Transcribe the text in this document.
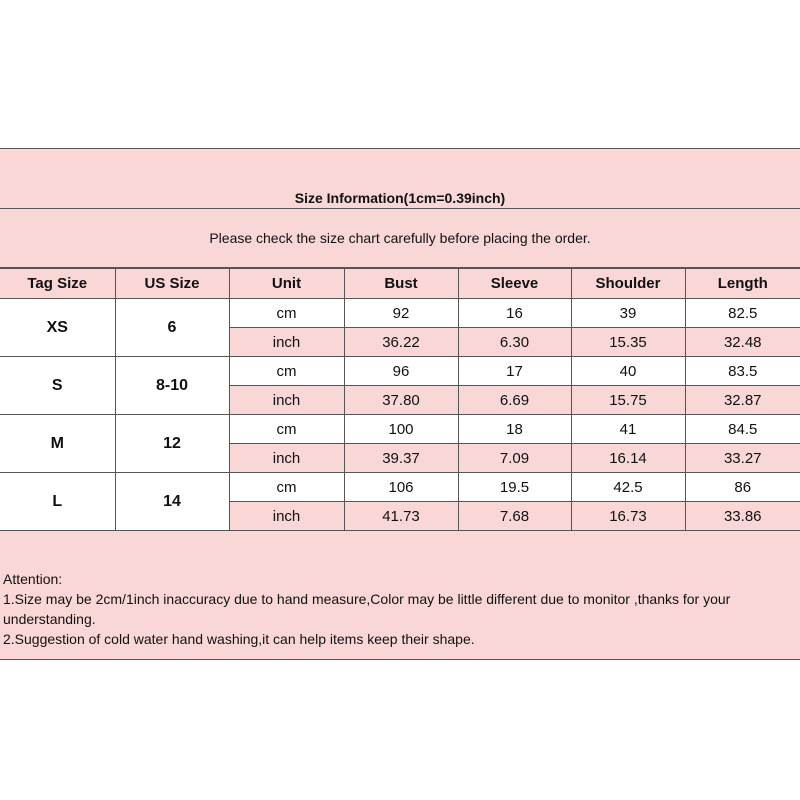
Size Information(1cm=0.39inch)
Please check the size chart carefully before placing the order.
Tag Size	US Size	Unit	Bust	Sleeve	Shoulder	Length
XS	6	cm	92	16	39	82.5
		inch	36.22	6.30	15.35	32.48
S	8-10	cm	96	17	40	83.5
		inch	37.80	6.69	15.75	32.87
M	12	cm	100	18	41	84.5
		inch	39.37	7.09	16.14	33.27
L	14	cm	106	19.5	42.5	86
		inch	41.73	7.68	16.73	33.86
Attention:
1.Size may be 2cm/1inch inaccuracy due to hand measure,Color may be little different due to monitor ,thanks for your understanding.
2.Suggestion of cold water hand washing,it can help items keep their shape.
